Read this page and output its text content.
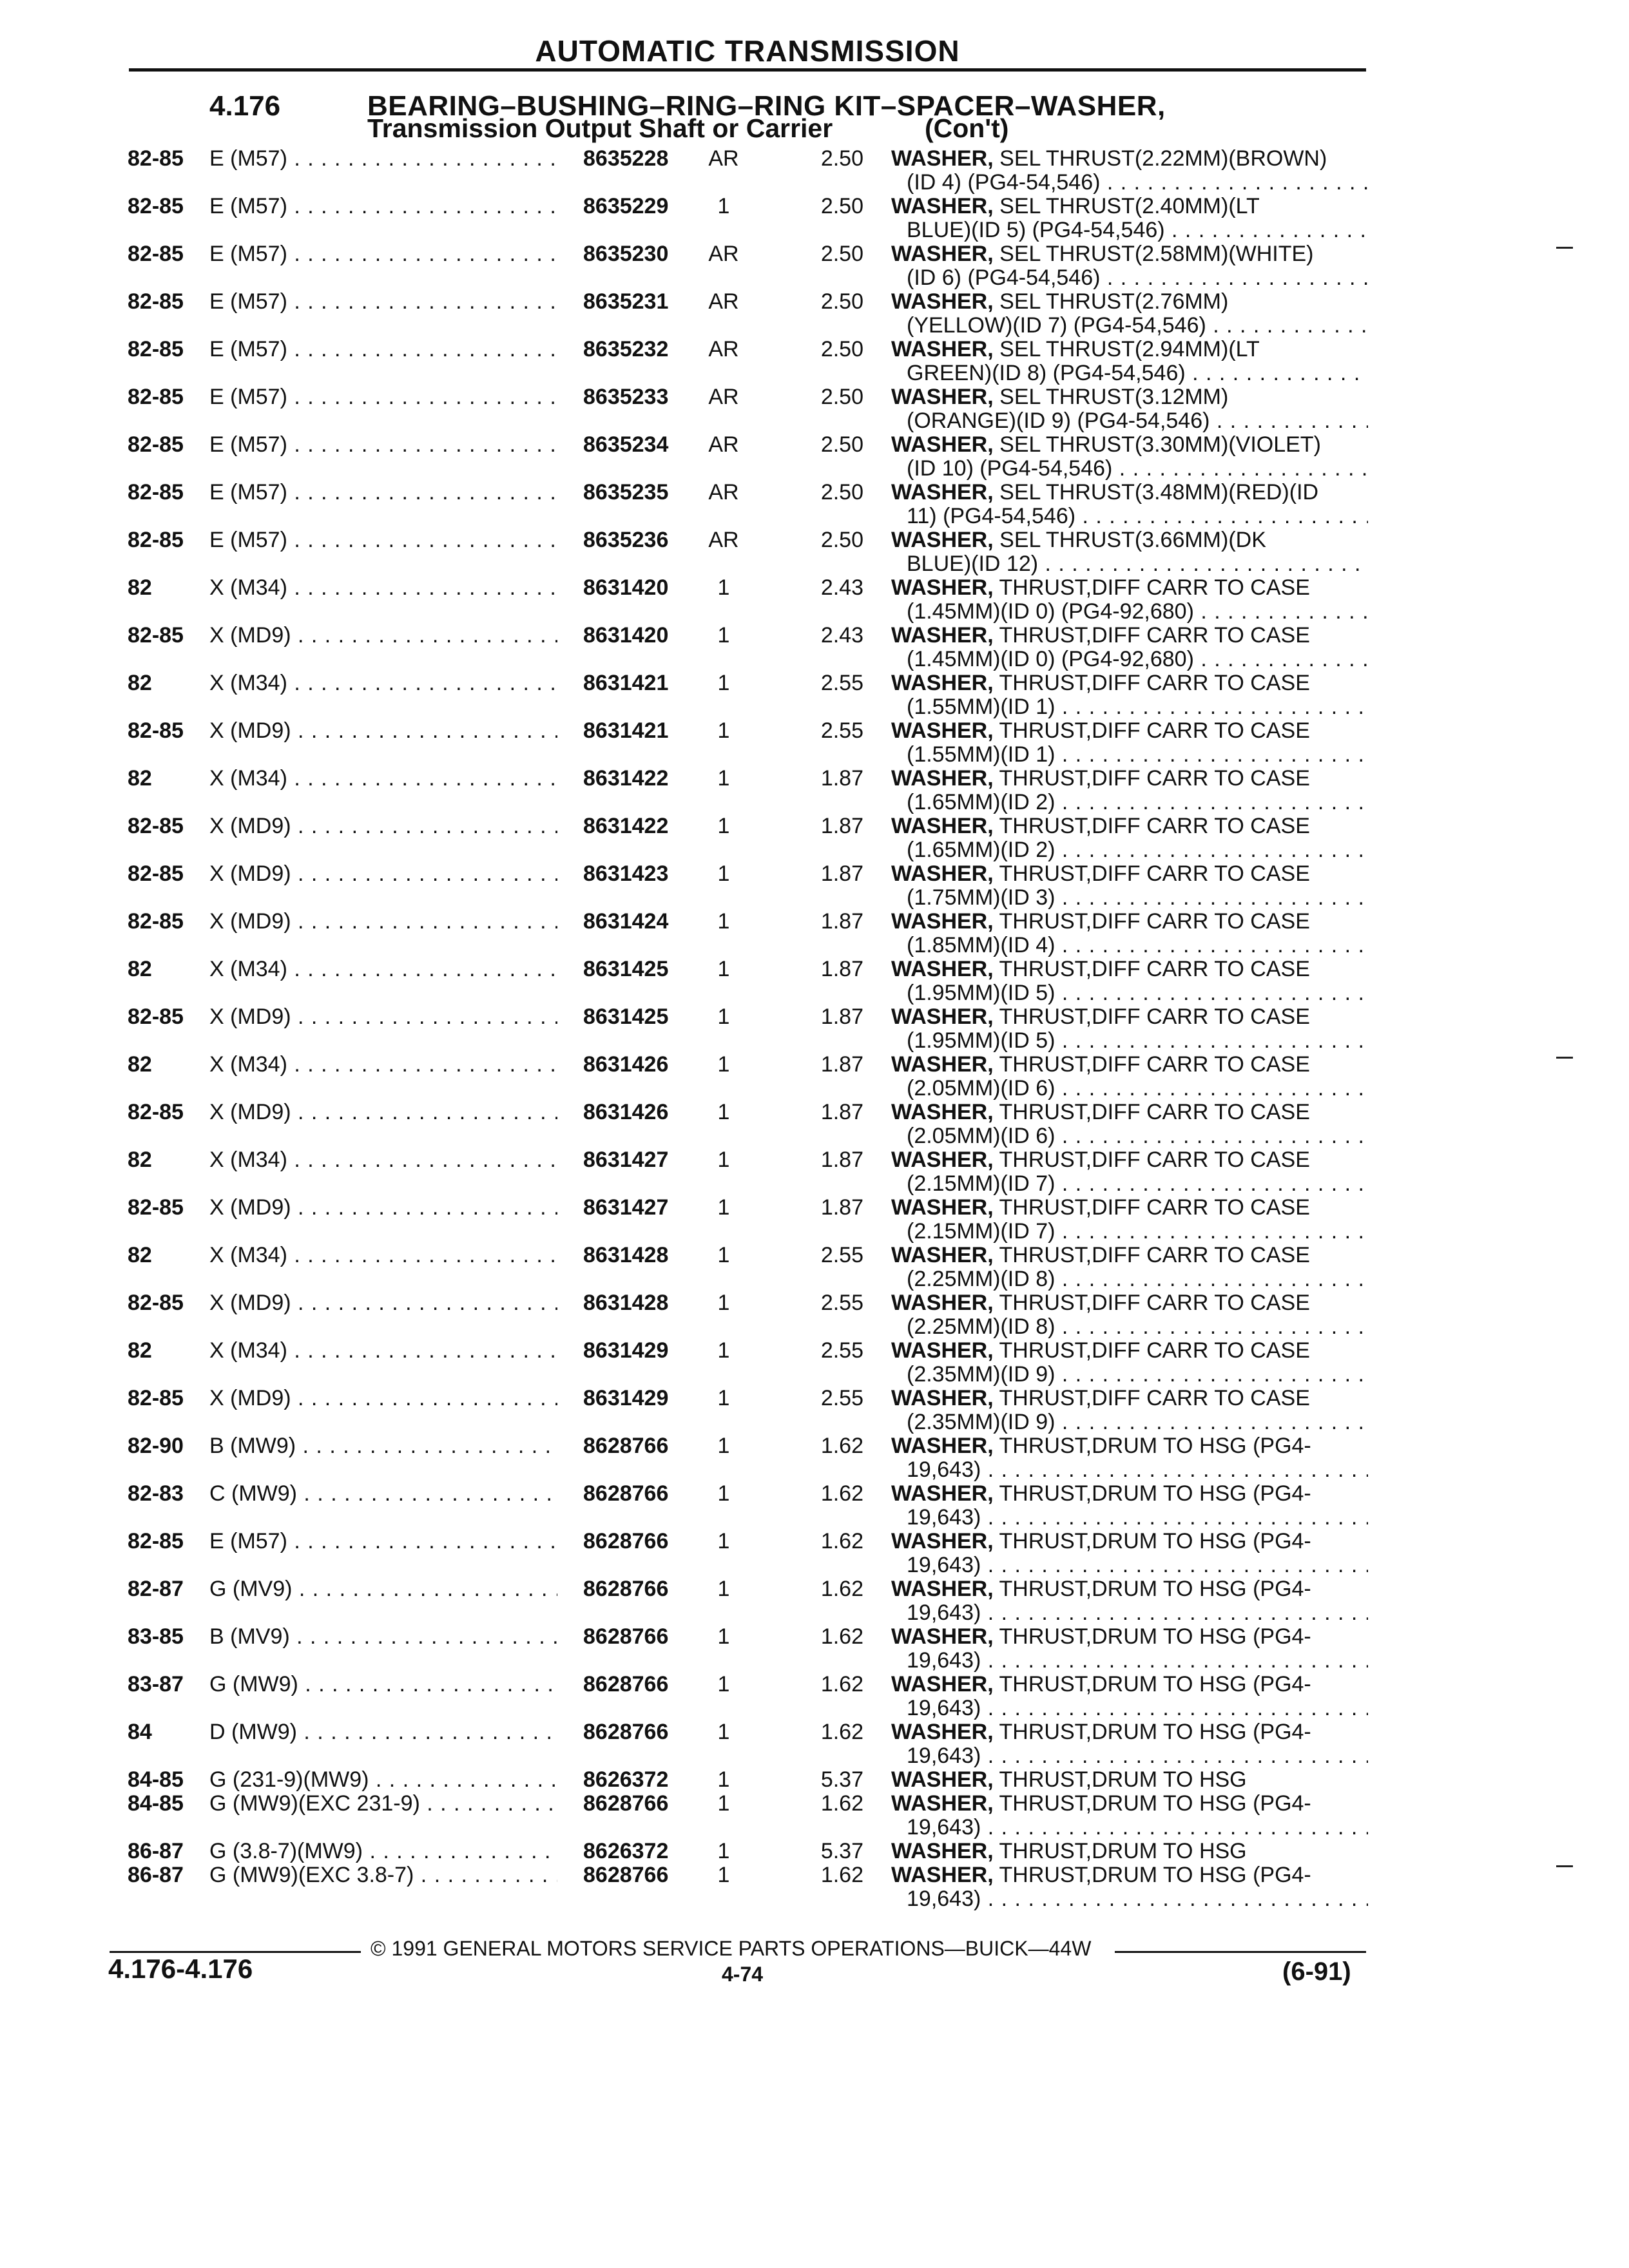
AUTOMATIC TRANSMISSION
4.176	BEARING–BUSHING–RING–RING KIT–SPACER–WASHER,
Transmission Output Shaft or Carrier	(Con't)
82-85 E (M57) . . .	8635228	AR	2.50 WASHER, SEL THRUST(2.22MM)(BROWN)
(ID 4) (PG4-54,546) . . .
82-85 E (M57) . . .	8635229	1	2.50 WASHER, SEL THRUST(2.40MM)(LT
BLUE)(ID 5) (PG4-54,546) . . .
82-85 E (M57) . . .	8635230	AR	2.50 WASHER, SEL THRUST(2.58MM)(WHITE)
(ID 6) (PG4-54,546) . . .
82-85 E (M57) . . .	8635231	AR	2.50 WASHER, SEL THRUST(2.76MM)
(YELLOW)(ID 7) (PG4-54,546) . . .
82-85 E (M57) . . .	8635232	AR	2.50 WASHER, SEL THRUST(2.94MM)(LT
GREEN)(ID 8) (PG4-54,546) . . .
82-85 E (M57) . . .	8635233	AR	2.50 WASHER, SEL THRUST(3.12MM)
(ORANGE)(ID 9) (PG4-54,546) . . .
82-85 E (M57) . . .	8635234	AR	2.50 WASHER, SEL THRUST(3.30MM)(VIOLET)
(ID 10) (PG4-54,546) . . .
82-85 E (M57) . . .	8635235	AR	2.50 WASHER, SEL THRUST(3.48MM)(RED)(ID
11) (PG4-54,546) . . .
82-85 E (M57) . . .	8635236	AR	2.50 WASHER, SEL THRUST(3.66MM)(DK
BLUE)(ID 12) . . .
82	X (M34) . . .	8631420	1	2.43 WASHER, THRUST,DIFF CARR TO CASE
(1.45MM)(ID 0) (PG4-92,680) . . .
82-85 X (MD9) . . .	8631420	1	2.43 WASHER, THRUST,DIFF CARR TO CASE
(1.45MM)(ID 0) (PG4-92,680) . . .
82	X (M34) . . .	8631421	1	2.55 WASHER, THRUST,DIFF CARR TO CASE
(1.55MM)(ID 1) . . .
82-85 X (MD9) . . .	8631421	1	2.55 WASHER, THRUST,DIFF CARR TO CASE
(1.55MM)(ID 1) . . .
82	X (M34) . . .	8631422	1	1.87 WASHER, THRUST,DIFF CARR TO CASE
(1.65MM)(ID 2) . . .
82-85 X (MD9) . . .	8631422	1	1.87 WASHER, THRUST,DIFF CARR TO CASE
(1.65MM)(ID 2) . . .
82-85 X (MD9) . . .	8631423	1	1.87 WASHER, THRUST,DIFF CARR TO CASE
(1.75MM)(ID 3) . . .
82-85 X (MD9) . . .	8631424	1	1.87 WASHER, THRUST,DIFF CARR TO CASE
(1.85MM)(ID 4) . . .
82	X (M34) . . .	8631425	1	1.87 WASHER, THRUST,DIFF CARR TO CASE
(1.95MM)(ID 5) . . .
82-85 X (MD9) . . .	8631425	1	1.87 WASHER, THRUST,DIFF CARR TO CASE
(1.95MM)(ID 5) . . .
82	X (M34) . . .	8631426	1	1.87 WASHER, THRUST,DIFF CARR TO CASE
(2.05MM)(ID 6) . . .
82-85 X (MD9) . . .	8631426	1	1.87 WASHER, THRUST,DIFF CARR TO CASE
(2.05MM)(ID 6) . . .
82	X (M34) . . .	8631427	1	1.87 WASHER, THRUST,DIFF CARR TO CASE
(2.15MM)(ID 7) . . .
82-85 X (MD9) . . .	8631427	1	1.87 WASHER, THRUST,DIFF CARR TO CASE
(2.15MM)(ID 7) . . .
82	X (M34) . . .	8631428	1	2.55 WASHER, THRUST,DIFF CARR TO CASE
(2.25MM)(ID 8) . . .
82-85 X (MD9) . . .	8631428	1	2.55 WASHER, THRUST,DIFF CARR TO CASE
(2.25MM)(ID 8) . . .
82	X (M34) . . .	8631429	1	2.55 WASHER, THRUST,DIFF CARR TO CASE
(2.35MM)(ID 9) . . .
82-85 X (MD9) . . .	8631429	1	2.55 WASHER, THRUST,DIFF CARR TO CASE
(2.35MM)(ID 9) . . .
82-90 B (MW9) . . .	8628766	1	1.62 WASHER, THRUST,DRUM TO HSG (PG4-
19,643) . . .
82-83 C (MW9) . . .	8628766	1	1.62 WASHER, THRUST,DRUM TO HSG (PG4-
19,643) . . .
82-85 E (M57) . . .	8628766	1	1.62 WASHER, THRUST,DRUM TO HSG (PG4-
19,643) . . .
82-87 G (MV9) . . .	8628766	1	1.62 WASHER, THRUST,DRUM TO HSG (PG4-
19,643) . . .
83-85 B (MV9) . . .	8628766	1	1.62 WASHER, THRUST,DRUM TO HSG (PG4-
19,643) . . .
83-87 G (MW9) . . .	8628766	1	1.62 WASHER, THRUST,DRUM TO HSG (PG4-
19,643) . . .
84	D (MW9) . . .	8628766	1	1.62 WASHER, THRUST,DRUM TO HSG (PG4-
19,643) . . .
84-85 G (231-9)(MW9) . . .	8626372	1	5.37 WASHER, THRUST,DRUM TO HSG
84-85 G (MW9)(EXC 231-9) . . .	8628766	1	1.62 WASHER, THRUST,DRUM TO HSG (PG4-
19,643) . . .
86-87 G (3.8-7)(MW9) . . .	8626372	1	5.37 WASHER, THRUST,DRUM TO HSG
86-87 G (MW9)(EXC 3.8-7) . . .	8628766	1	1.62 WASHER, THRUST,DRUM TO HSG (PG4-
19,643) . . .
© 1991 GENERAL MOTORS SERVICE PARTS OPERATIONS—BUICK—44W
4.176-4.176	4-74	(6-91)
